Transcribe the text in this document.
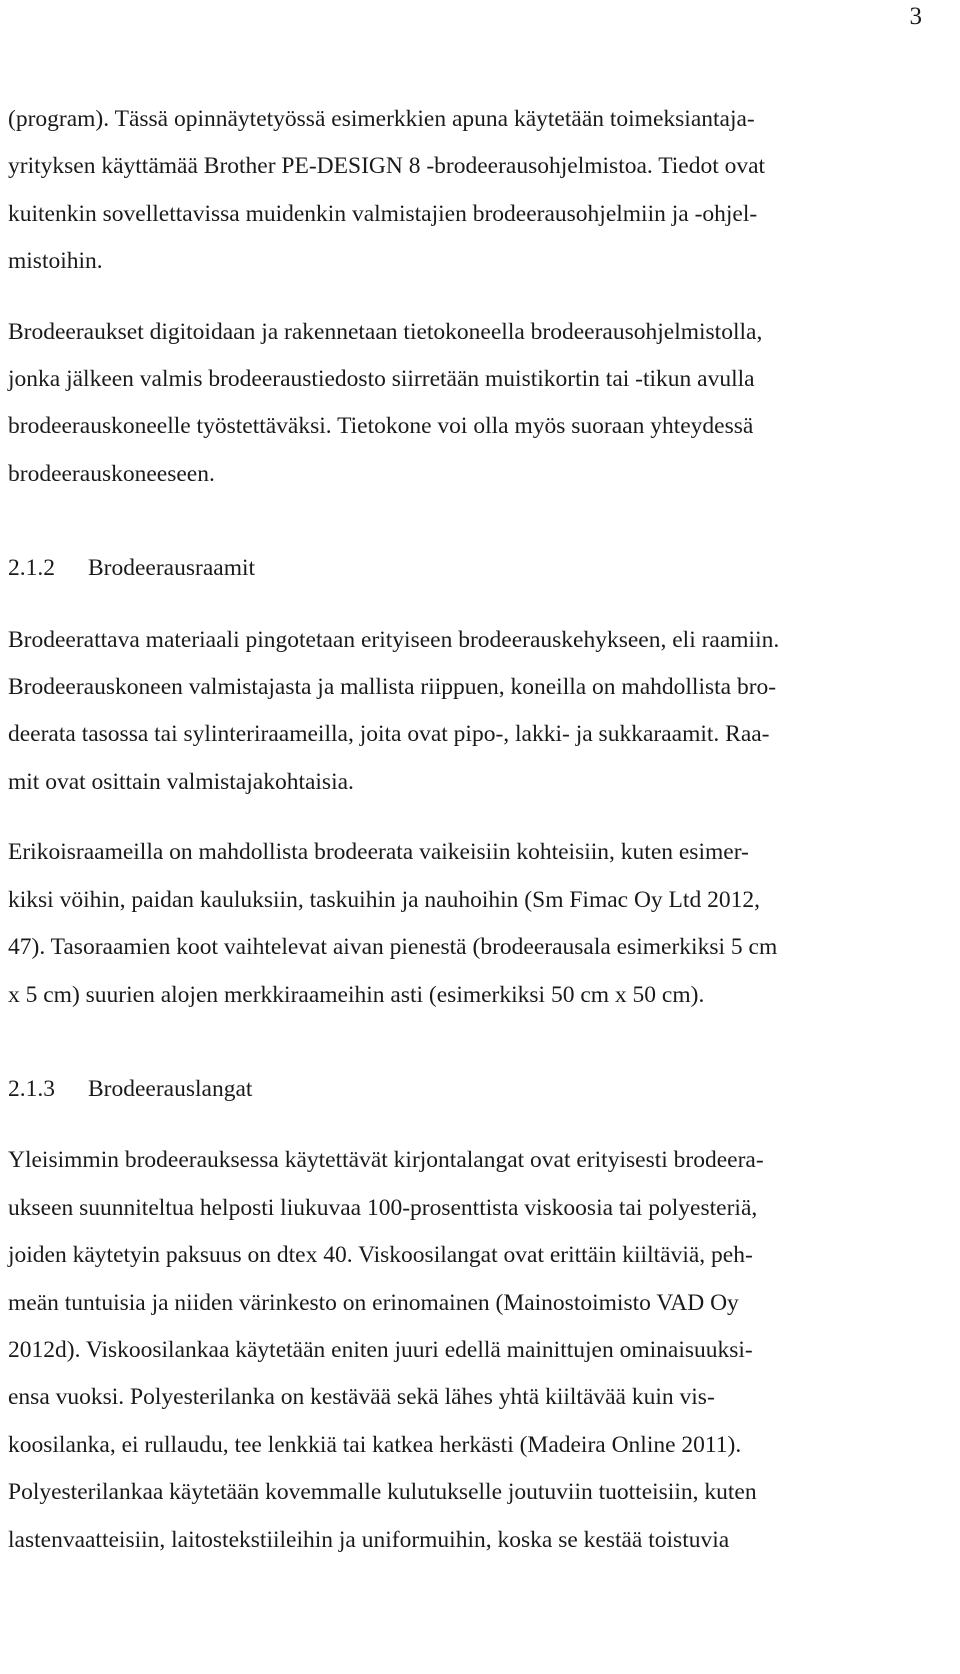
3

(program). Tässä opinnäytetyössä esimerkkien apuna käytetään toimeksiantaja-
yrityksen käyttämää Brother PE-DESIGN 8 -brodeerausohjelmistoa. Tiedot ovat
kuitenkin sovellettavissa muidenkin valmistajien brodeerausohjelmiin ja -ohjel-
mistoihin.

Brodeeraukset digitoidaan ja rakennetaan tietokoneella brodeerausohjelmistolla,
jonka jälkeen valmis brodeeraustiedosto siirretään muistikortin tai -tikun avulla
brodeerauskoneelle työstettäväksi. Tietokone voi olla myös suoraan yhteydessä
brodeerauskoneeseen.

2.1.2 Brodeerausraamit

Brodeerattava materiaali pingotetaan erityiseen brodeerauskehykseen, eli raamiin.
Brodeerauskoneen valmistajasta ja mallista riippuen, koneilla on mahdollista bro-
deerata tasossa tai sylinteriraameilla, joita ovat pipo-, lakki- ja sukkaraamit. Raa-
mit ovat osittain valmistajakohtaisia.

Erikoisraameilla on mahdollista brodeerata vaikeisiin kohteisiin, kuten esimer-
kiksi vöihin, paidan kauluksiin, taskuihin ja nauhoihin (Sm Fimac Oy Ltd 2012,
47). Tasoraamien koot vaihtelevat aivan pienestä (brodeerausala esimerkiksi 5 cm
x 5 cm) suurien alojen merkkiraameihin asti (esimerkiksi 50 cm x 50 cm).

2.1.3 Brodeerauslangat

Yleisimmin brodeerauksessa käytettävät kirjontalangat ovat erityisesti brodeera-
ukseen suunniteltua helposti liukuvaa 100-prosenttista viskoosia tai polyesteriä,
joiden käytetyin paksuus on dtex 40. Viskoosilangat ovat erittäin kiiltäviä, peh-
meän tuntuisia ja niiden värinkesto on erinomainen (Mainostoimisto VAD Oy
2012d). Viskoosilankaa käytetään eniten juuri edellä mainittujen ominaisuuksi-
ensa vuoksi. Polyesterilanka on kestävää sekä lähes yhtä kiiltävää kuin vis-
koosilanka, ei rullaudu, tee lenkkiä tai katkea herkästi (Madeira Online 2011).
Polyesterilankaa käytetään kovemmalle kulutukselle joutuviin tuotteisiin, kuten
lastenvaatteisiin, laitostekstiileihin ja uniformuihin, koska se kestää toistuvia
